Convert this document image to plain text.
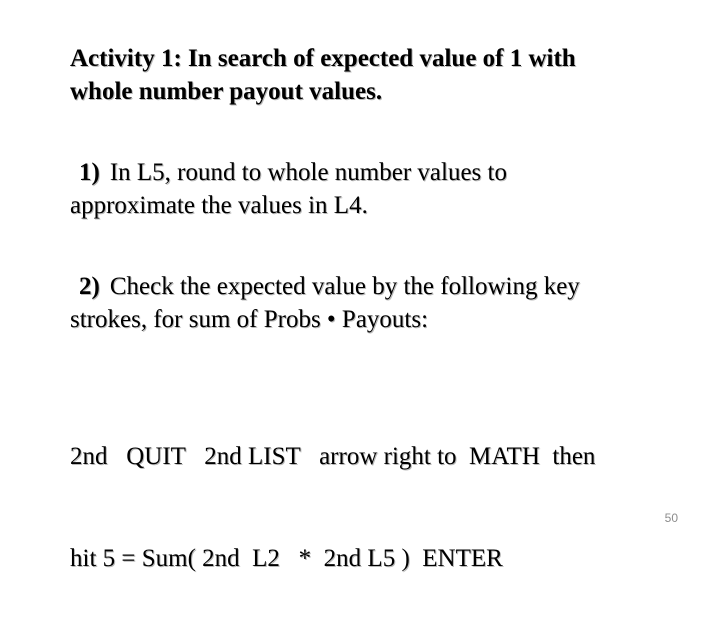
Activity 1: In search of expected value of 1 with
whole number payout values.
1) In L5, round to whole number values to
approximate the values in L4.
2) Check the expected value by the following key
strokes, for sum of Probs • Payouts:

2nd   QUIT   2nd LIST   arrow right to  MATH  then

hit 5 = Sum( 2nd  L2   *  2nd L5 )  ENTER

50
